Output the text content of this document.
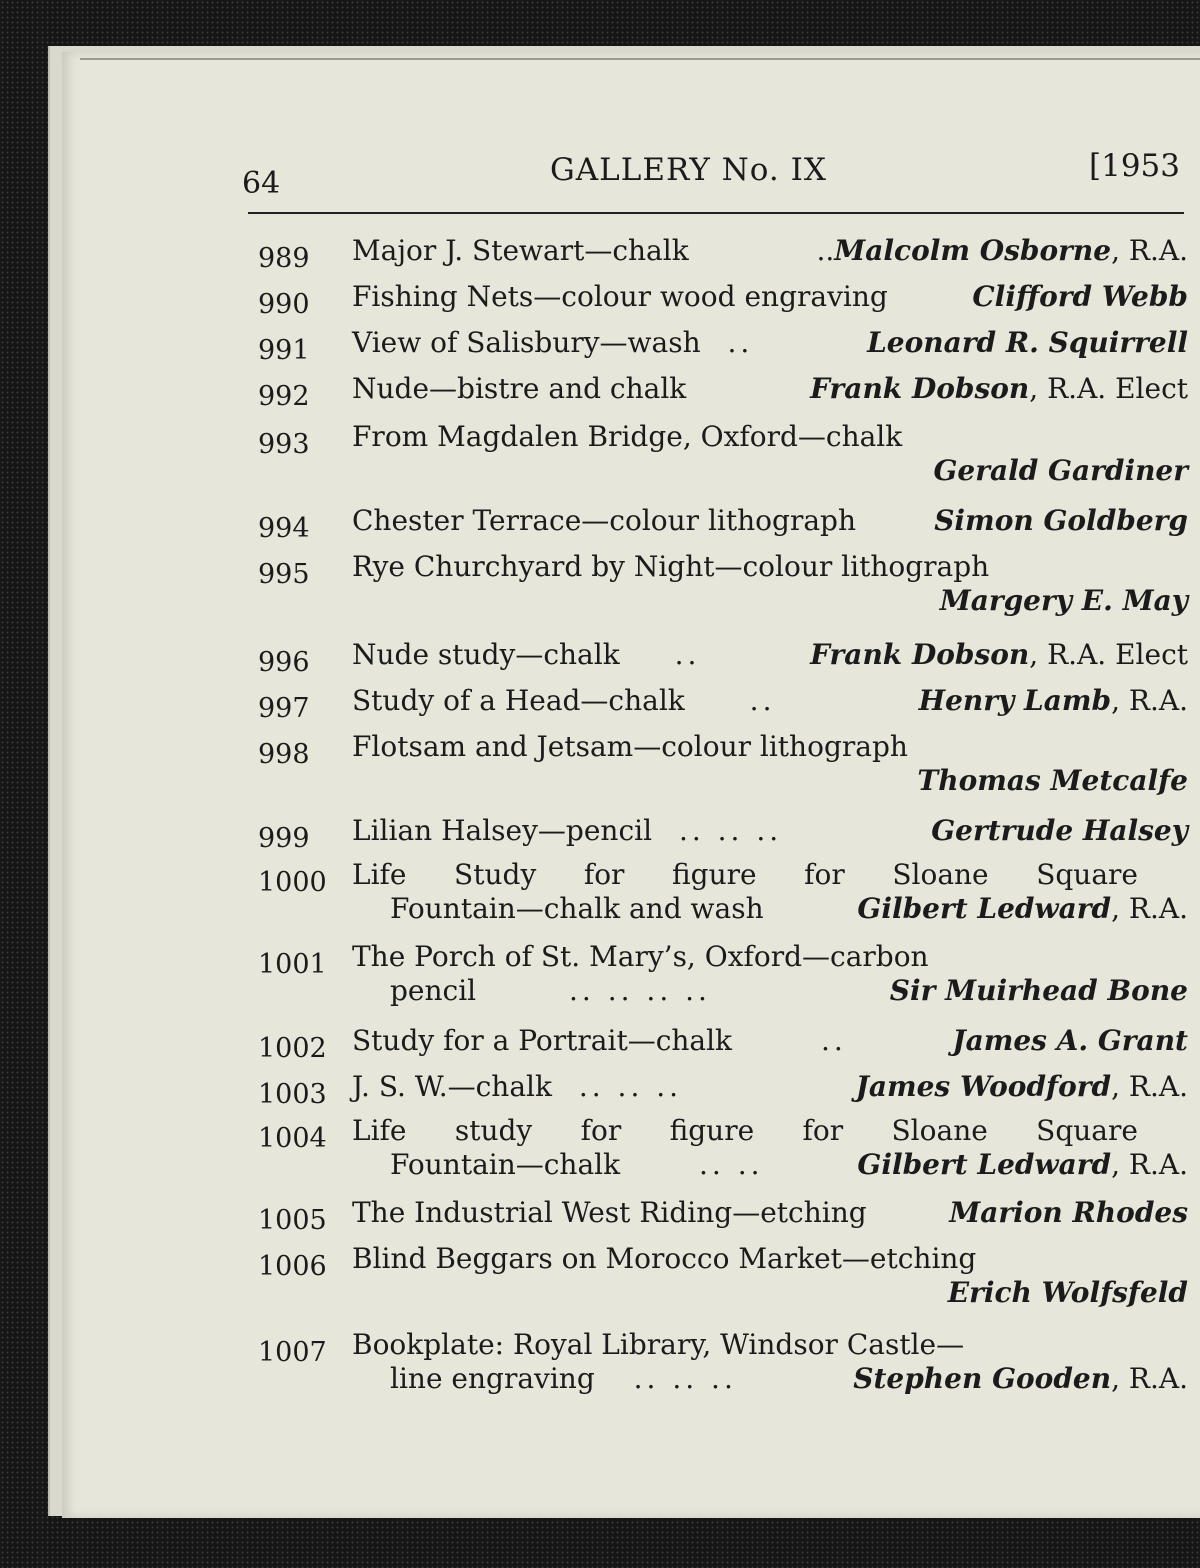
64	GALLERY No. IX	[1953
989 Major J. Stewart—chalk	..Malcolm Osborne, R.A.
990 Fishing Nets—colour wood engraving	Clifford Webb
991 View of Salisbury—wash ..	Leonard R. Squirrell
992 Nude—bistre and chalk	Frank Dobson, R.A. Elect
993 From Magdalen Bridge, Oxford—chalk
Gerald Gardiner
994 Chester Terrace—colour lithograph	Simon Goldberg
995 Rye Churchyard by Night—colour lithograph
Margery E. May
996 Nude study—chalk ..	Frank Dobson, R.A. Elect
997 Study of a Head—chalk ..	Henry Lamb, R.A.
998 Flotsam and Jetsam—colour lithograph
Thomas Metcalfe
999 Lilian Halsey—pencil .. .. ..	Gertrude Halsey
1000 Life Study for figure for Sloane Square
Fountain—chalk and wash	Gilbert Ledward, R.A.
1001 The Porch of St. Mary’s, Oxford—carbon
pencil	.. .. .. ..	Sir Muirhead Bone
1002 Study for a Portrait—chalk	..	James A. Grant
1003 J. S. W.—chalk .. .. ..	James Woodford, R.A.
1004 Life study for figure for Sloane Square
Fountain—chalk	.. ..	Gilbert Ledward, R.A.
1005 The Industrial West Riding—etching	Marion Rhodes
1006 Blind Beggars on Morocco Market—etching
Erich Wolfsfeld
1007 Bookplate: Royal Library, Windsor Castle—
line engraving .. .. ..	Stephen Gooden, R.A.
